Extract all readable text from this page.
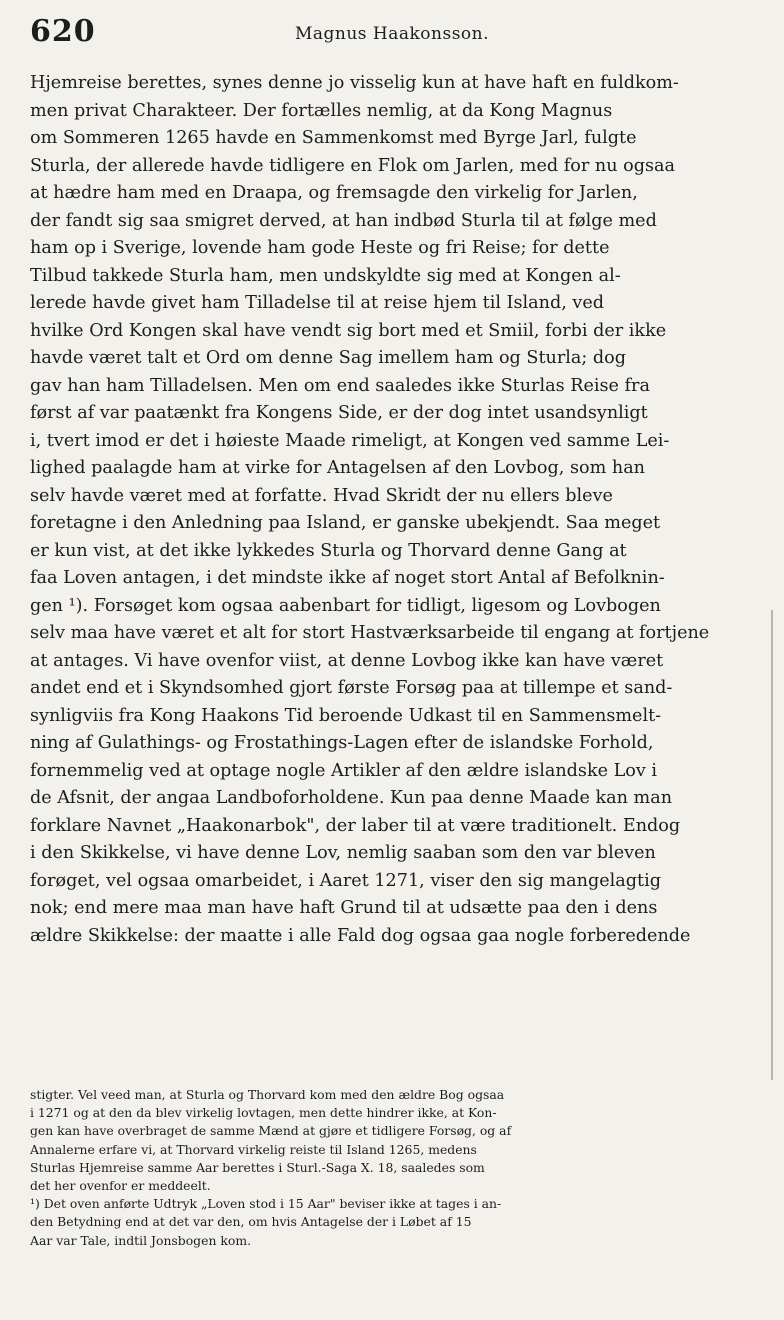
620	Magnus Haakonsson.
Hjemreise berettes, synes denne jo visselig kun at have haft en fuldkom-
men privat Charakteer. Der fortælles nemlig, at da Kong Magnus
om Sommeren 1265 havde en Sammenkomst med Byrge Jarl, fulgte
Sturla, der allerede havde tidligere en Flok om Jarlen, med for nu ogsaa
at hædre ham med en Draapa, og fremsagde den virkelig for Jarlen,
der fandt sig saa smigret derved, at han indbød Sturla til at følge med
ham op i Sverige, lovende ham gode Heste og fri Reise; for dette
Tilbud takkede Sturla ham, men undskyldte sig med at Kongen al-
lerede havde givet ham Tilladelse til at reise hjem til Island, ved
hvilke Ord Kongen skal have vendt sig bort med et Smiil, forbi der ikke
havde været talt et Ord om denne Sag imellem ham og Sturla; dog
gav han ham Tilladelsen. Men om end saaledes ikke Sturlas Reise fra
først af var paatænkt fra Kongens Side, er der dog intet usandsynligt
i, tvert imod er det i høieste Maade rimeligt, at Kongen ved samme Lei-
lighed paalagde ham at virke for Antagelsen af den Lovbog, som han
selv havde været med at forfatte. Hvad Skridt der nu ellers bleve
foretagne i den Anledning paa Island, er ganske ubekjendt. Saa meget
er kun vist, at det ikke lykkedes Sturla og Thorvard denne Gang at
faa Loven antagen, i det mindste ikke af noget stort Antal af Befolknin-
gen ¹). Forsøget kom ogsaa aabenbart for tidligt, ligesom og Lovbogen
selv maa have været et alt for stort Hastværksarbeide til engang at fortjene
at antages. Vi have ovenfor viist, at denne Lovbog ikke kan have været
andet end et i Skyndsomhed gjort første Forsøg paa at tillempe et sand-
synligviis fra Kong Haakons Tid beroende Udkast til en Sammensmelt-
ning af Gulathings- og Frostathings-Lagen efter de islandske Forhold,
fornemmelig ved at optage nogle Artikler af den ældre islandske Lov i
de Afsnit, der angaa Landboforholdene. Kun paa denne Maade kan man
forklare Navnet „Haakonarbok", der laber til at være traditionelt. Endog
i den Skikkelse, vi have denne Lov, nemlig saaban som den var bleven
forøget, vel ogsaa omarbeidet, i Aaret 1271, viser den sig mangelagtig
nok; end mere maa man have haft Grund til at udsætte paa den i dens
ældre Skikkelse: der maatte i alle Fald dog ogsaa gaa nogle forberedende
stigter. Vel veed man, at Sturla og Thorvard kom med den ældre Bog ogsaa
i 1271 og at den da blev virkelig lovtagen, men dette hindrer ikke, at Kon-
gen kan have overbraget de samme Mænd at gjøre et tidligere Forsøg, og af
Annalerne erfare vi, at Thorvard virkelig reiste til Island 1265, medens
Sturlas Hjemreise samme Aar berettes i Sturl.-Saga X. 18, saaledes som
det her ovenfor er meddeelt.
¹) Det oven anførte Udtryk „Loven stod i 15 Aar" beviser ikke at tages i an-
den Betydning end at det var den, om hvis Antagelse der i Løbet af 15
Aar var Tale, indtil Jonsbogen kom.
